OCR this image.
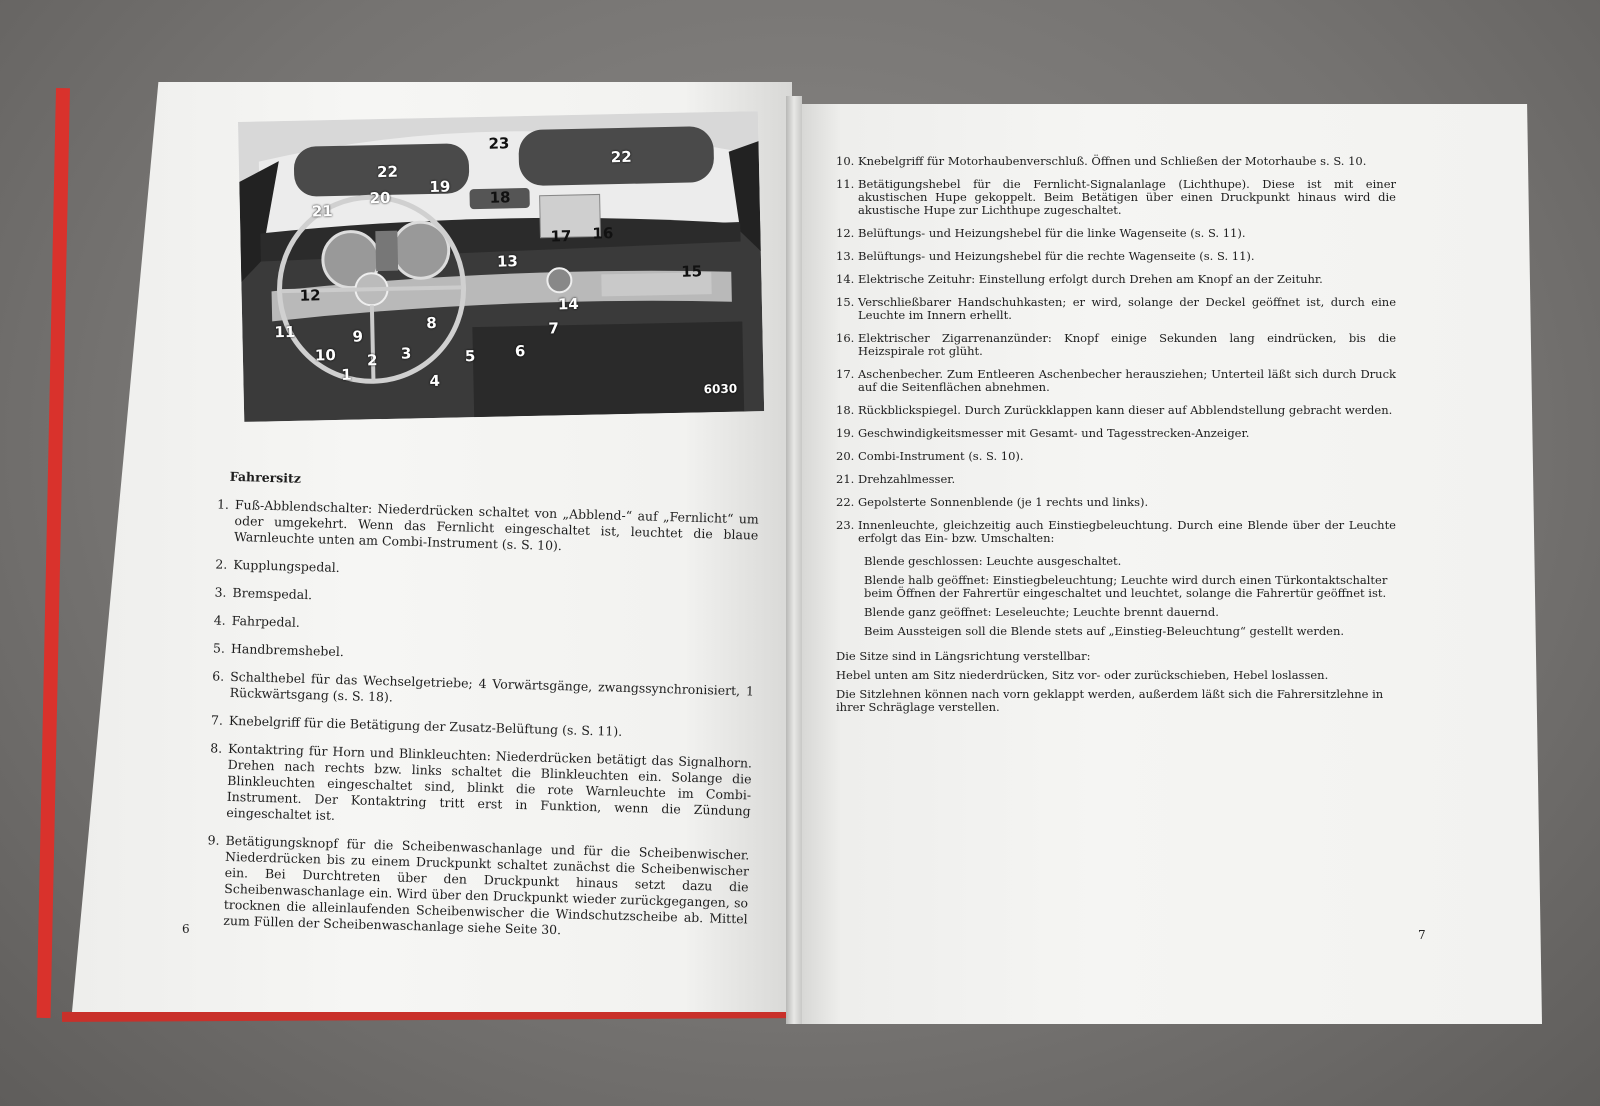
22
23
22
21
20
19
18
17 16
13
12
15
14
11	9
8	7
10 2 3	5	6
1	4	6030
Fahrersitz
1. Fuß-Abblendschalter: Niederdrücken schaltet von „Abblend-“ auf „Fernlicht“ um oder umgekehrt. Wenn das Fernlicht eingeschaltet ist, leuchtet die blaue Warnleuchte unten am Combi-Instrument (s. S. 10).
2. Kupplungspedal.
3. Bremspedal.
4. Fahrpedal.
5. Handbremshebel.
6. Schalthebel für das Wechselgetriebe; 4 Vorwärtsgänge, zwangssynchronisiert, 1 Rückwärtsgang (s. S. 18).
7. Knebelgriff für die Betätigung der Zusatz-Belüftung (s. S. 11).
8. Kontaktring für Horn und Blinkleuchten: Niederdrücken betätigt das Signalhorn. Drehen nach rechts bzw. links schaltet die Blinkleuchten ein. Solange die Blinkleuchten eingeschaltet sind, blinkt die rote Warnleuchte im Combi-Instrument. Der Kontaktring tritt erst in Funktion, wenn die Zündung eingeschaltet ist.
9. Betätigungsknopf für die Scheibenwaschanlage und für die Scheibenwischer. Niederdrücken bis zu einem Druckpunkt schaltet zunächst die Scheibenwischer ein. Bei Durchtreten über den Druckpunkt hinaus setzt dazu die Scheibenwaschanlage ein. Wird über den Druckpunkt wieder zurückgegangen, so trocknen die alleinlaufenden Scheibenwischer die Windschutzscheibe ab. Mittel zum Füllen der Scheibenwaschanlage siehe Seite 30.
6
10. Knebelgriff für Motorhaubenverschluß. Öffnen und Schließen der Motorhaube s. S. 10.
11. Betätigungshebel für die Fernlicht-Signalanlage (Lichthupe). Diese ist mit einer akustischen Hupe gekoppelt. Beim Betätigen über einen Druckpunkt hinaus wird die akustische Hupe zur Lichthupe zugeschaltet.
12. Belüftungs- und Heizungshebel für die linke Wagenseite (s. S. 11).
13. Belüftungs- und Heizungshebel für die rechte Wagenseite (s. S. 11).
14. Elektrische Zeituhr: Einstellung erfolgt durch Drehen am Knopf an der Zeituhr.
15. Verschließbarer Handschuhkasten; er wird, solange der Deckel geöffnet ist, durch eine Leuchte im Innern erhellt.
16. Elektrischer Zigarrenanzünder: Knopf einige Sekunden lang eindrücken, bis die Heizspirale rot glüht.
17. Aschenbecher. Zum Entleeren Aschenbecher herausziehen; Unterteil läßt sich durch Druck auf die Seitenflächen abnehmen.
18. Rückblickspiegel. Durch Zurückklappen kann dieser auf Abblendstellung gebracht werden.
19. Geschwindigkeitsmesser mit Gesamt- und Tagesstrecken-Anzeiger.
20. Combi-Instrument (s. S. 10).
21. Drehzahlmesser.
22. Gepolsterte Sonnenblende (je 1 rechts und links).
23. Innenleuchte, gleichzeitig auch Einstiegbeleuchtung. Durch eine Blende über der Leuchte erfolgt das Ein- bzw. Umschalten:
Blende geschlossen: Leuchte ausgeschaltet.
Blende halb geöffnet: Einstiegbeleuchtung; Leuchte wird durch einen Türkontaktschalter beim Öffnen der Fahrertür eingeschaltet und leuchtet, solange die Fahrertür geöffnet ist.
Blende ganz geöffnet: Leseleuchte; Leuchte brennt dauernd.
Beim Aussteigen soll die Blende stets auf „Einstieg-Beleuchtung“ gestellt werden.
Die Sitze sind in Längsrichtung verstellbar:
Hebel unten am Sitz niederdrücken, Sitz vor- oder zurückschieben, Hebel loslassen.
Die Sitzlehnen können nach vorn geklappt werden, außerdem läßt sich die Fahrersitzlehne in ihrer Schräglage verstellen.
7
